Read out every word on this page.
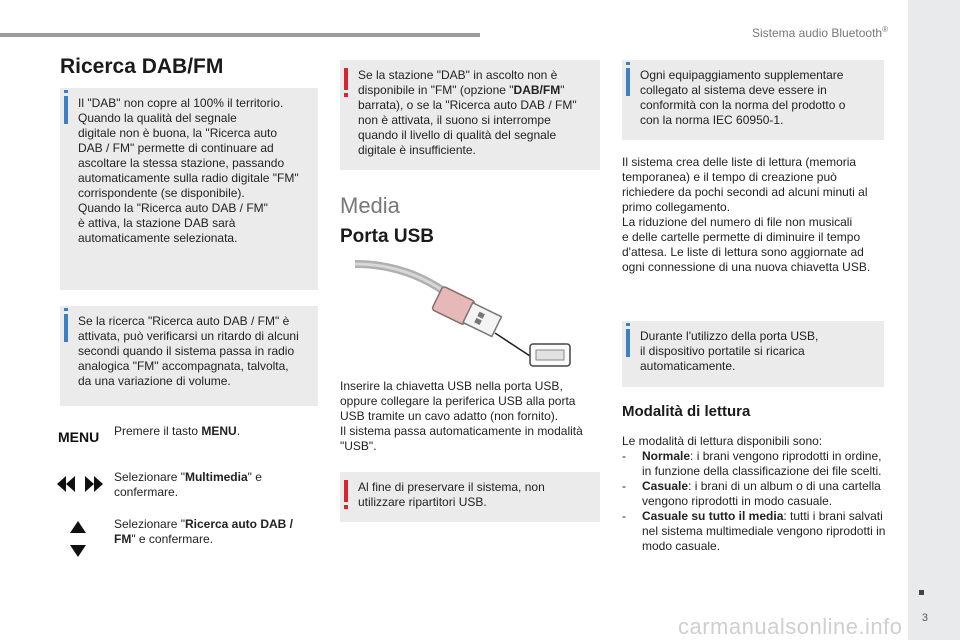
Sistema audio Bluetooth®
3
carmanualsonline.info
Ricerca DAB/FM
Il "DAB" non copre al 100% il territorio.
Quando la qualità del segnale
digitale non è buona, la "Ricerca auto
DAB / FM" permette di continuare ad
ascoltare la stessa stazione, passando
automaticamente sulla radio digitale "FM"
corrispondente (se disponibile).
Quando la "Ricerca auto DAB / FM"
è attiva, la stazione DAB sarà
automaticamente selezionata.
Se la ricerca "Ricerca auto DAB / FM" è
attivata, può verificarsi un ritardo di alcuni
secondi quando il sistema passa in radio
analogica "FM" accompagnata, talvolta,
da una variazione di volume.
MENU Premere il tasto MENU.
Selezionare "Multimedia" e confermare.
Selezionare "Ricerca auto DAB / FM" e confermare.
Se la stazione "DAB" in ascolto non è
disponibile in "FM" (opzione "DAB/FM"
barrata), o se la "Ricerca auto DAB / FM"
non è attivata, il suono si interrompe
quando il livello di qualità del segnale
digitale è insufficiente.
Media
Porta USB
Inserire la chiavetta USB nella porta USB,
oppure collegare la periferica USB alla porta
USB tramite un cavo adatto (non fornito).
Il sistema passa automaticamente in modalità
"USB".
Al fine di preservare il sistema, non
utilizzare ripartitori USB.
Ogni equipaggiamento supplementare
collegato al sistema deve essere in
conformità con la norma del prodotto o
con la norma IEC 60950-1.
Il sistema crea delle liste di lettura (memoria
temporanea) e il tempo di creazione può
richiedere da pochi secondi ad alcuni minuti al
primo collegamento.
La riduzione del numero di file non musicali
e delle cartelle permette di diminuire il tempo
d'attesa. Le liste di lettura sono aggiornate ad
ogni connessione di una nuova chiavetta USB.
Durante l'utilizzo della porta USB,
il dispositivo portatile si ricarica
automaticamente.
Modalità di lettura
Le modalità di lettura disponibili sono:
- Normale: i brani vengono riprodotti in ordine, in funzione della classificazione dei file scelti.
- Casuale: i brani di un album o di una cartella vengono riprodotti in modo casuale.
- Casuale su tutto il media: tutti i brani salvati nel sistema multimediale vengono riprodotti in modo casuale.
